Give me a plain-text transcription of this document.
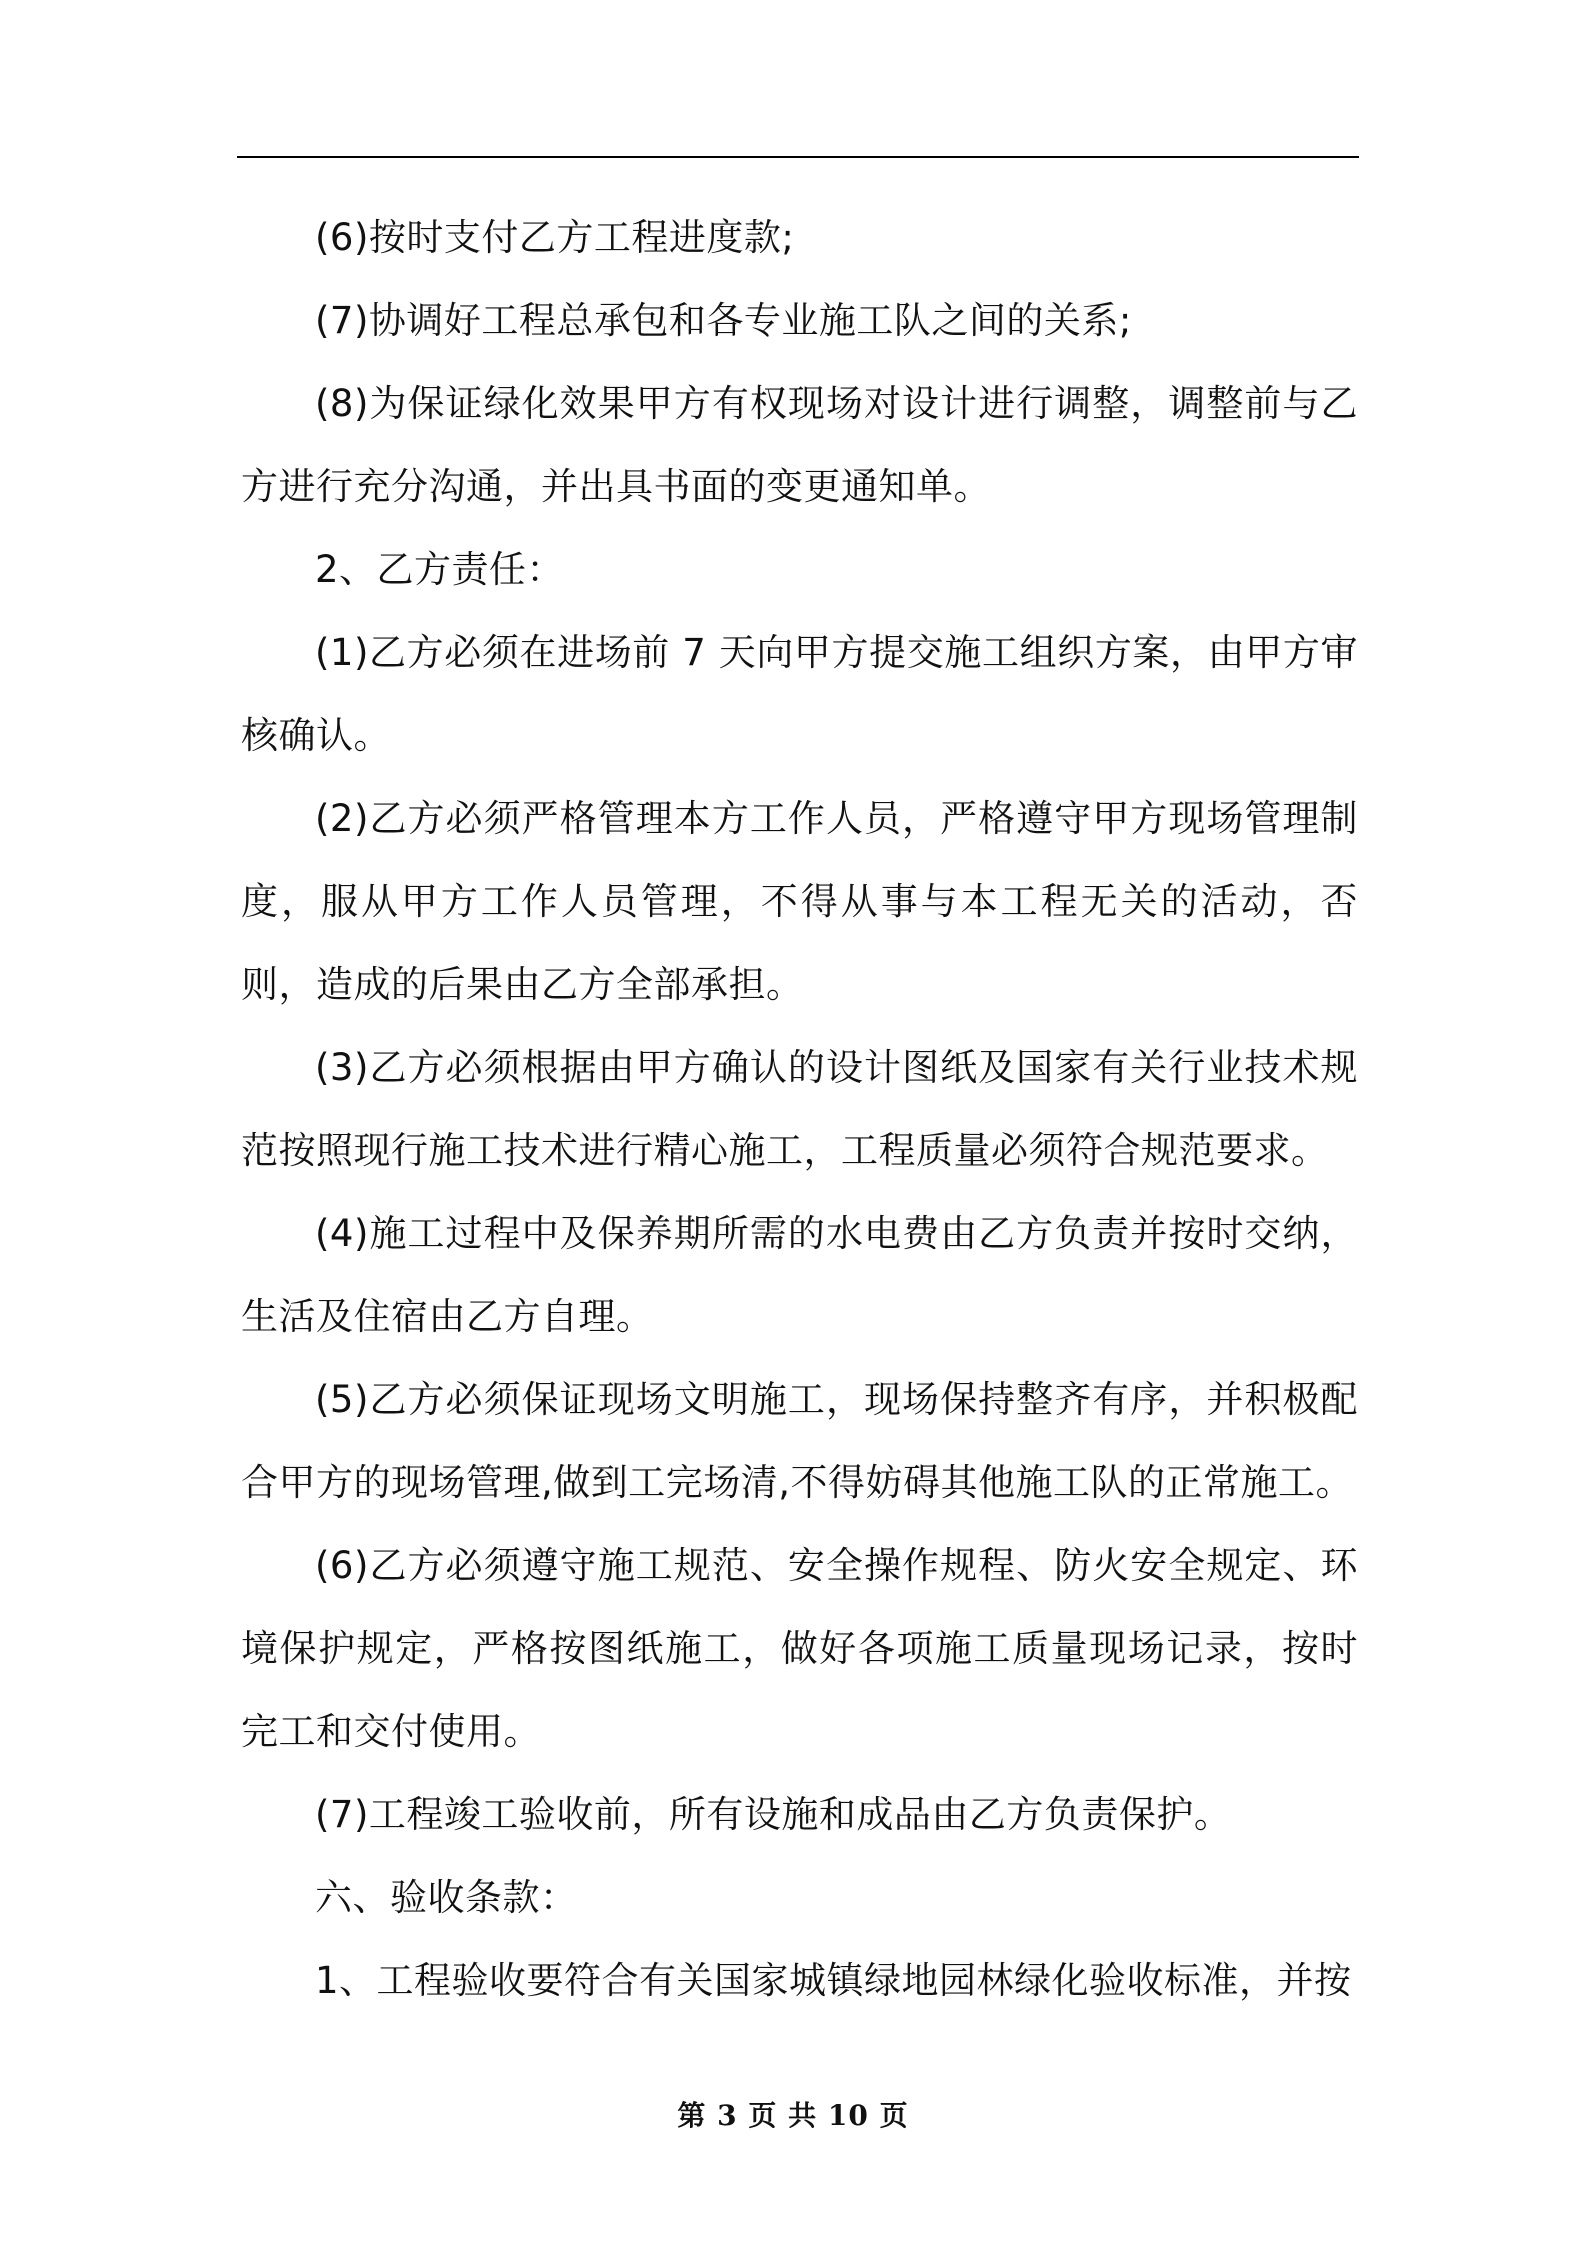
(6)按时支付乙方工程进度款;

(7)协调好工程总承包和各专业施工队之间的关系;

(8)为保证绿化效果甲方有权现场对设计进行调整，调整前与乙方进行充分沟通，并出具书面的变更通知单。

2、乙方责任：

(1)乙方必须在进场前 7 天向甲方提交施工组织方案，由甲方审核确认。

(2)乙方必须严格管理本方工作人员，严格遵守甲方现场管理制度，服从甲方工作人员管理，不得从事与本工程无关的活动，否则，造成的后果由乙方全部承担。

(3)乙方必须根据由甲方确认的设计图纸及国家有关行业技术规范按照现行施工技术进行精心施工，工程质量必须符合规范要求。

(4)施工过程中及保养期所需的水电费由乙方负责并按时交纳，生活及住宿由乙方自理。

(5)乙方必须保证现场文明施工，现场保持整齐有序，并积极配合甲方的现场管理,做到工完场清,不得妨碍其他施工队的正常施工。

(6)乙方必须遵守施工规范、安全操作规程、防火安全规定、环境保护规定，严格按图纸施工，做好各项施工质量现场记录，按时完工和交付使用。

(7)工程竣工验收前，所有设施和成品由乙方负责保护。

六、验收条款：

1、工程验收要符合有关国家城镇绿地园林绿化验收标准，并按

第 3 页 共 10 页
